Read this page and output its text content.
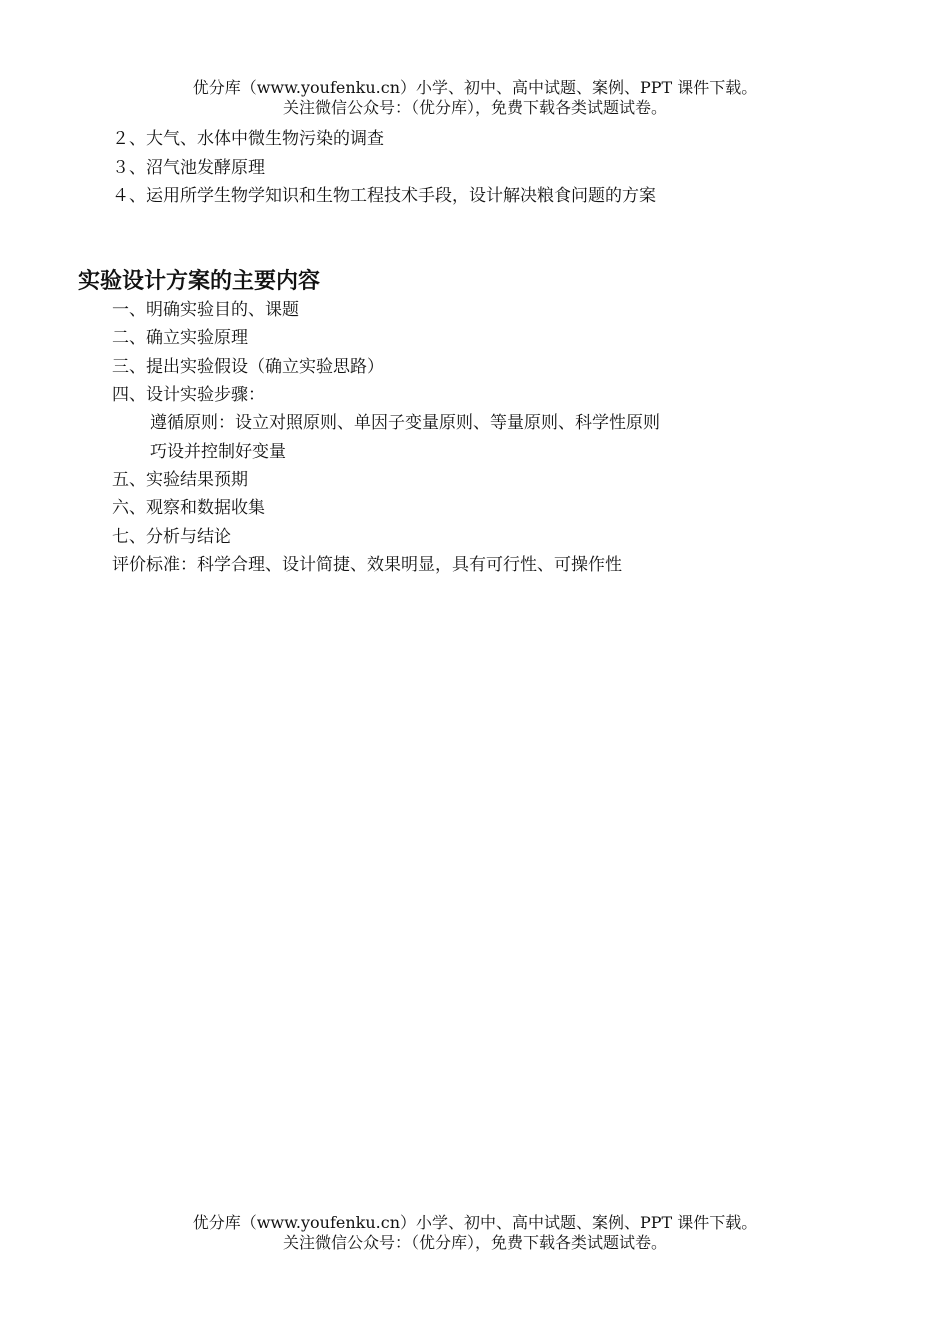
优分库（www.youfenku.cn）小学、初中、高中试题、案例、PPT 课件下载。
关注微信公众号：（优分库），免费下载各类试题试卷。
２、大气、水体中微生物污染的调查
３、沼气池发酵原理
４、运用所学生物学知识和生物工程技术手段，设计解决粮食问题的方案
实验设计方案的主要内容
一、明确实验目的、课题
二、确立实验原理
三、提出实验假设（确立实验思路）
四、设计实验步骤：
遵循原则：设立对照原则、单因子变量原则、等量原则、科学性原则
巧设并控制好变量
五、实验结果预期
六、观察和数据收集
七、分析与结论
评价标准：科学合理、设计简捷、效果明显，具有可行性、可操作性
优分库（www.youfenku.cn）小学、初中、高中试题、案例、PPT 课件下载。
关注微信公众号：（优分库），免费下载各类试题试卷。
